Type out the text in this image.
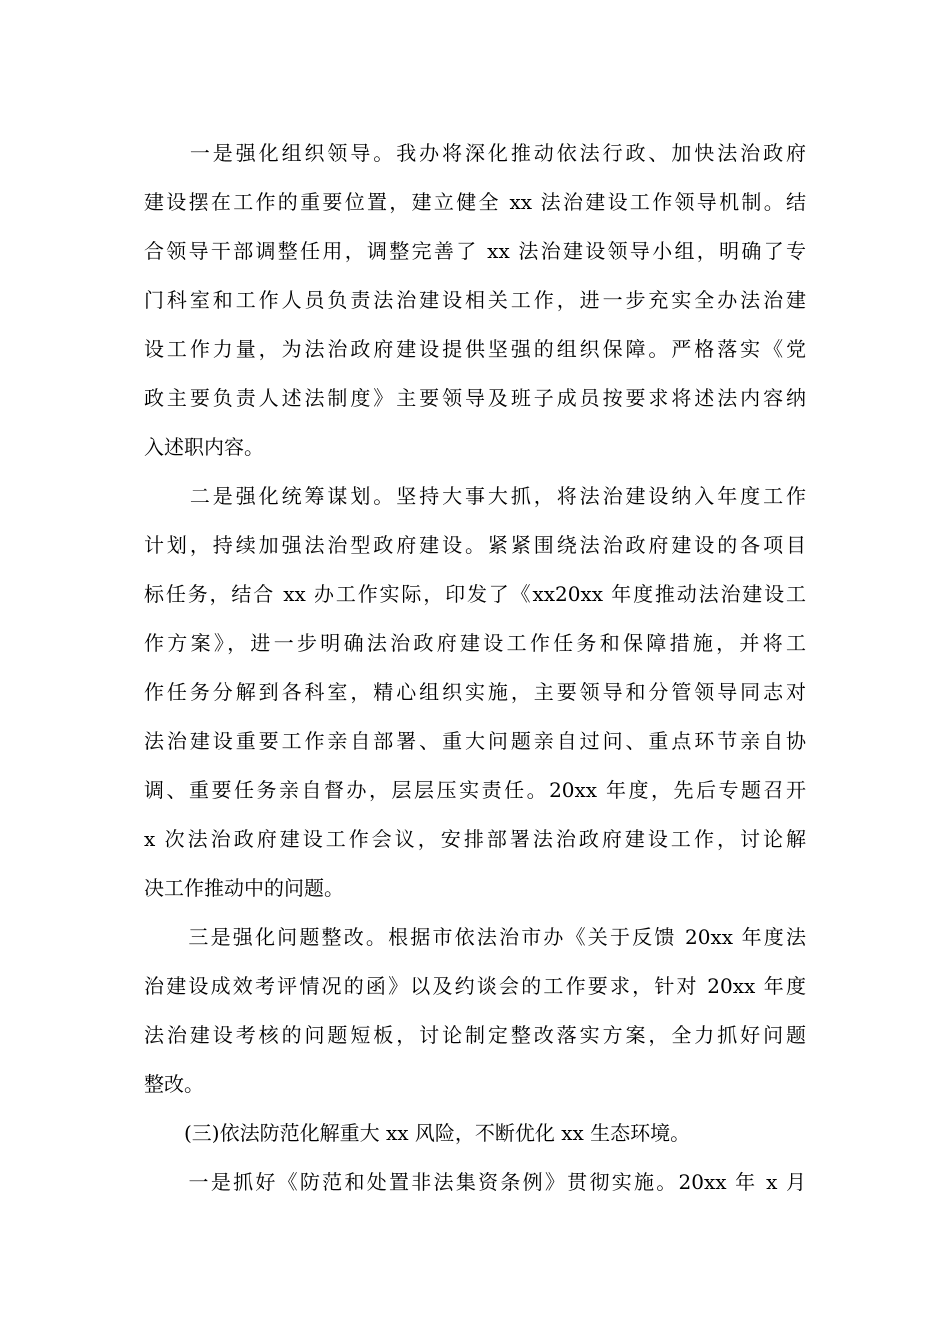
　　一是强化组织领导。我办将深化推动依法行政、加快法治政府
建设摆在工作的重要位置，建立健全 xx 法治建设工作领导机制。结
合领导干部调整任用，调整完善了 xx 法治建设领导小组，明确了专
门科室和工作人员负责法治建设相关工作，进一步充实全办法治建
设工作力量，为法治政府建设提供坚强的组织保障。严格落实《党
政主要负责人述法制度》主要领导及班子成员按要求将述法内容纳
入述职内容。
　　二是强化统筹谋划。坚持大事大抓，将法治建设纳入年度工作
计划，持续加强法治型政府建设。紧紧围绕法治政府建设的各项目
标任务，结合 xx 办工作实际，印发了《xx20xx 年度推动法治建设工
作方案》，进一步明确法治政府建设工作任务和保障措施，并将工
作任务分解到各科室，精心组织实施，主要领导和分管领导同志对
法治建设重要工作亲自部署、重大问题亲自过问、重点环节亲自协
调、重要任务亲自督办，层层压实责任。20xx 年度，先后专题召开
x 次法治政府建设工作会议，安排部署法治政府建设工作，讨论解
决工作推动中的问题。
　　三是强化问题整改。根据市依法治市办《关于反馈 20xx 年度法
治建设成效考评情况的函》以及约谈会的工作要求，针对 20xx 年度
法治建设考核的问题短板，讨论制定整改落实方案，全力抓好问题
整改。
　　(三)依法防范化解重大 xx 风险，不断优化 xx 生态环境。
　　一是抓好《防范和处置非法集资条例》贯彻实施。20xx 年 x 月
